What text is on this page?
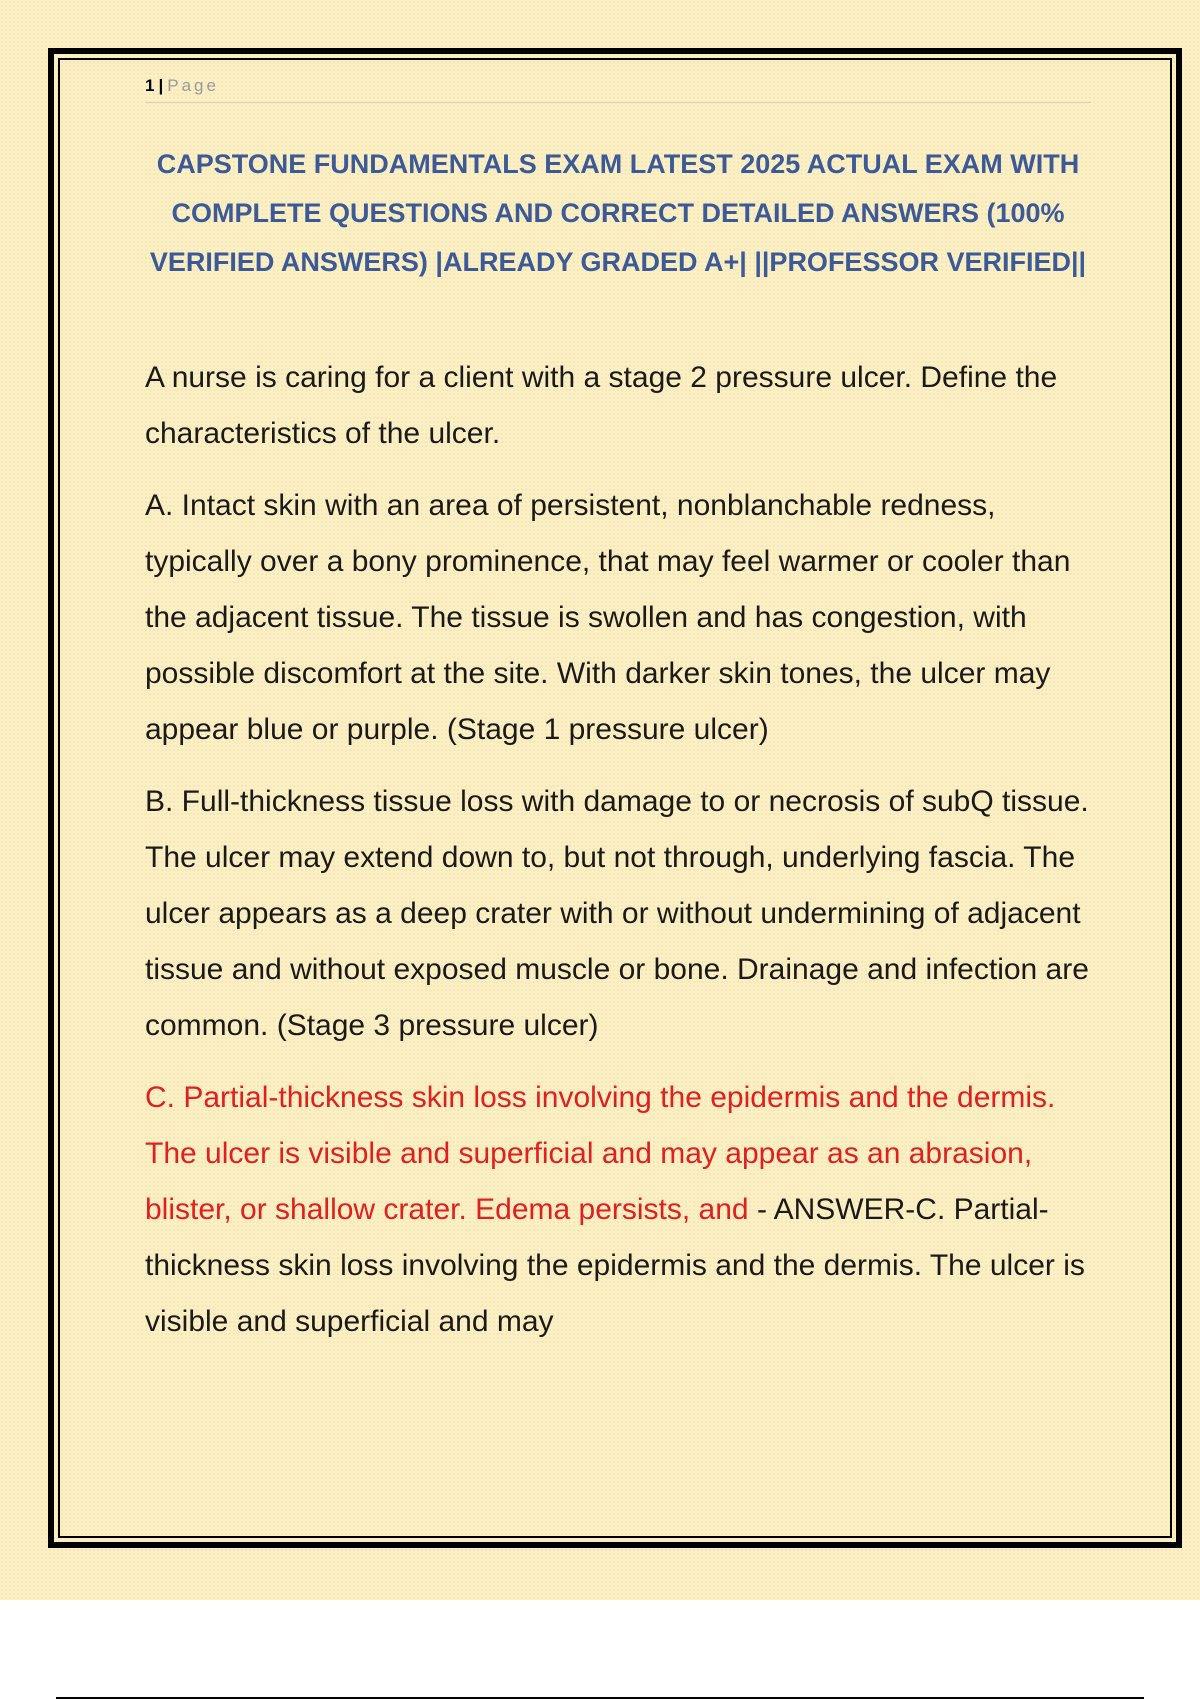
1 | Page
CAPSTONE FUNDAMENTALS EXAM LATEST 2025 ACTUAL EXAM WITH COMPLETE QUESTIONS AND CORRECT DETAILED ANSWERS (100% VERIFIED ANSWERS) |ALREADY GRADED A+| ||PROFESSOR VERIFIED||

A nurse is caring for a client with a stage 2 pressure ulcer. Define the characteristics of the ulcer.

A. Intact skin with an area of persistent, nonblanchable redness, typically over a bony prominence, that may feel warmer or cooler than the adjacent tissue. The tissue is swollen and has congestion, with possible discomfort at the site. With darker skin tones, the ulcer may appear blue or purple. (Stage 1 pressure ulcer)

B. Full-thickness tissue loss with damage to or necrosis of subQ tissue. The ulcer may extend down to, but not through, underlying fascia. The ulcer appears as a deep crater with or without undermining of adjacent tissue and without exposed muscle or bone. Drainage and infection are common. (Stage 3 pressure ulcer)

C. Partial-thickness skin loss involving the epidermis and the dermis. The ulcer is visible and superficial and may appear as an abrasion, blister, or shallow crater. Edema persists, and - ANSWER-C. Partial-thickness skin loss involving the epidermis and the dermis. The ulcer is visible and superficial and may
